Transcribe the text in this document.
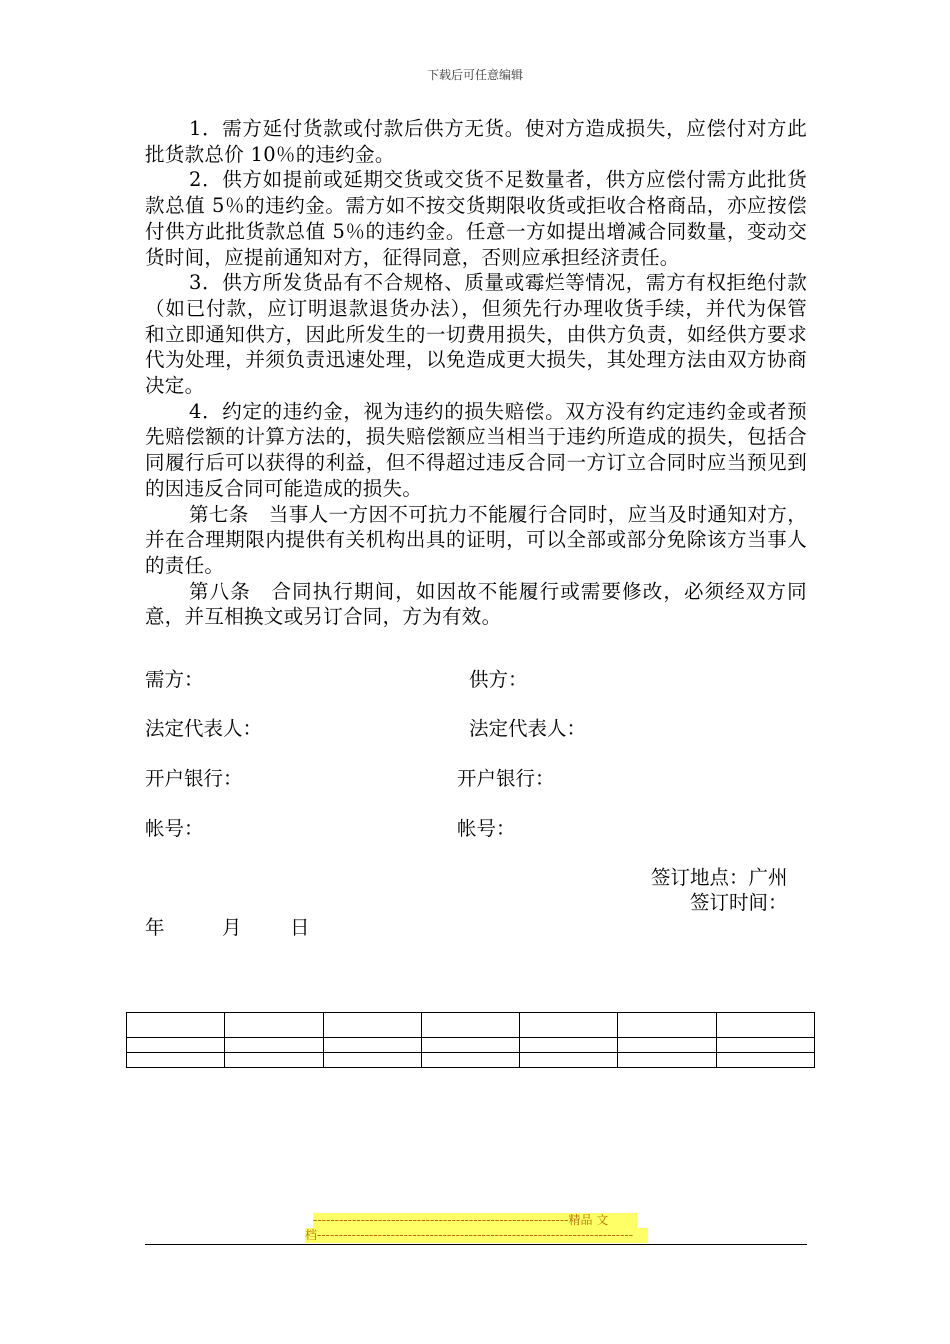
下载后可任意编辑

1．需方延付货款或付款后供方无货。使对方造成损失，应偿付对方此批货款总价 10％的违约金。

2．供方如提前或延期交货或交货不足数量者，供方应偿付需方此批货款总值 5％的违约金。需方如不按交货期限收货或拒收合格商品，亦应按偿付供方此批货款总值 5％的违约金。任意一方如提出增减合同数量，变动交货时间，应提前通知对方，征得同意，否则应承担经济责任。

3．供方所发货品有不合规格、质量或霉烂等情况，需方有权拒绝付款（如已付款，应订明退款退货办法），但须先行办理收货手续，并代为保管和立即通知供方，因此所发生的一切费用损失，由供方负责，如经供方要求代为处理，并须负责迅速处理，以免造成更大损失，其处理方法由双方协商决定。

4．约定的违约金，视为违约的损失赔偿。双方没有约定违约金或者预先赔偿额的计算方法的，损失赔偿额应当相当于违约所造成的损失，包括合同履行后可以获得的利益，但不得超过违反合同一方订立合同时应当预见到的因违反合同可能造成的损失。

第七条　当事人一方因不可抗力不能履行合同时，应当及时通知对方，并在合理期限内提供有关机构出具的证明，可以全部或部分免除该方当事人的责任。

第八条　合同执行期间，如因故不能履行或需要修改，必须经双方同意，并互相换文或另订合同，方为有效。

需方：	供方：
法定代表人：	法定代表人：
开户银行：	开户银行：
帐号：	帐号：
签订地点：广州
签订时间：
年	月 日

-----------------------------------------------------------精品 文
档-------------------------------------------------------------------------
